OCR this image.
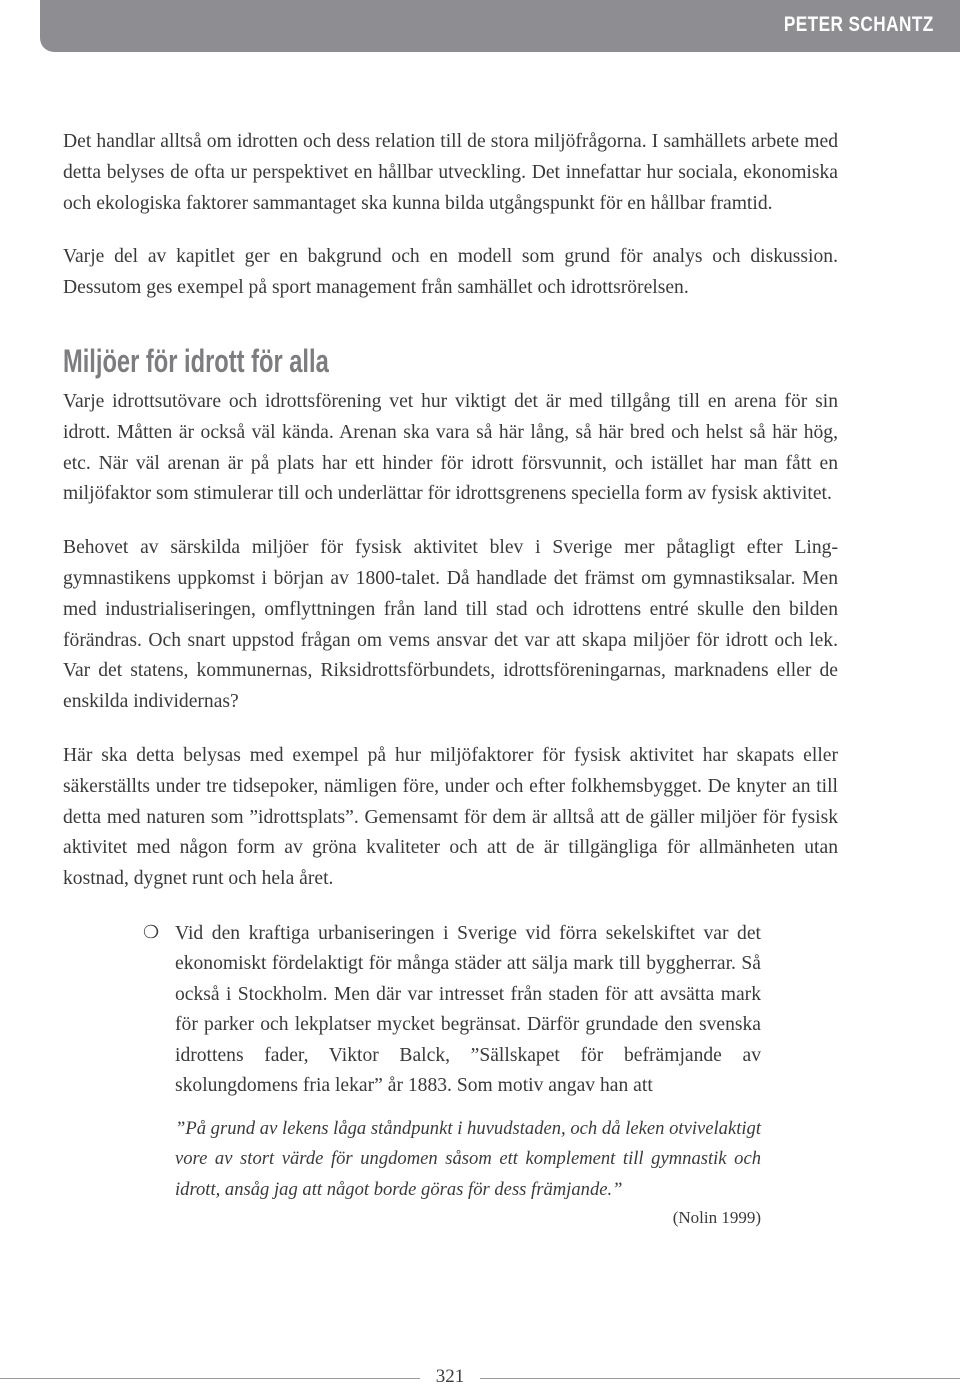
PETER SCHANTZ

Det handlar alltså om idrotten och dess relation till de stora miljöfrågorna. I samhällets arbete med detta belyses de ofta ur perspektivet en hållbar utveckling. Det innefattar hur sociala, ekonomiska och ekologiska faktorer sammantaget ska kunna bilda utgångspunkt för en hållbar framtid.

Varje del av kapitlet ger en bakgrund och en modell som grund för analys och diskussion. Dessutom ges exempel på sport management från samhället och idrottsrörelsen.

Miljöer för idrott för alla

Varje idrottsutövare och idrottsförening vet hur viktigt det är med tillgång till en arena för sin idrott. Måtten är också väl kända. Arenan ska vara så här lång, så här bred och helst så här hög, etc. När väl arenan är på plats har ett hinder för idrott försvunnit, och istället har man fått en miljöfaktor som stimulerar till och underlättar för idrottsgrenens speciella form av fysisk aktivitet.

Behovet av särskilda miljöer för fysisk aktivitet blev i Sverige mer påtagligt efter Linggymnastikens uppkomst i början av 1800-talet. Då handlade det främst om gymnastiksalar. Men med industrialiseringen, omflyttningen från land till stad och idrottens entré skulle den bilden förändras. Och snart uppstod frågan om vems ansvar det var att skapa miljöer för idrott och lek. Var det statens, kommunernas, Riksidrottsförbundets, idrottsföreningarnas, marknadens eller de enskilda individernas?

Här ska detta belysas med exempel på hur miljöfaktorer för fysisk aktivitet har skapats eller säkerställts under tre tidsepoker, nämligen före, under och efter folkhemsbygget. De knyter an till detta med naturen som ”idrottsplats”. Gemensamt för dem är alltså att de gäller miljöer för fysisk aktivitet med någon form av gröna kvaliteter och att de är tillgängliga för allmänheten utan kostnad, dygnet runt och hela året.

❍ Vid den kraftiga urbaniseringen i Sverige vid förra sekelskiftet var det ekonomiskt fördelaktigt för många städer att sälja mark till byggherrar. Så också i Stockholm. Men där var intresset från staden för att avsätta mark för parker och lekplatser mycket begränsat. Därför grundade den svenska idrottens fader, Viktor Balck, ”Sällskapet för befrämjande av skolungdomens fria lekar” år 1883. Som motiv angav han att

”På grund av lekens låga ståndpunkt i huvudstaden, och då leken otvivelaktigt vore av stort värde för ungdomen såsom ett komplement till gymnastik och idrott, ansåg jag att något borde göras för dess främjande.”

(Nolin 1999)

321
